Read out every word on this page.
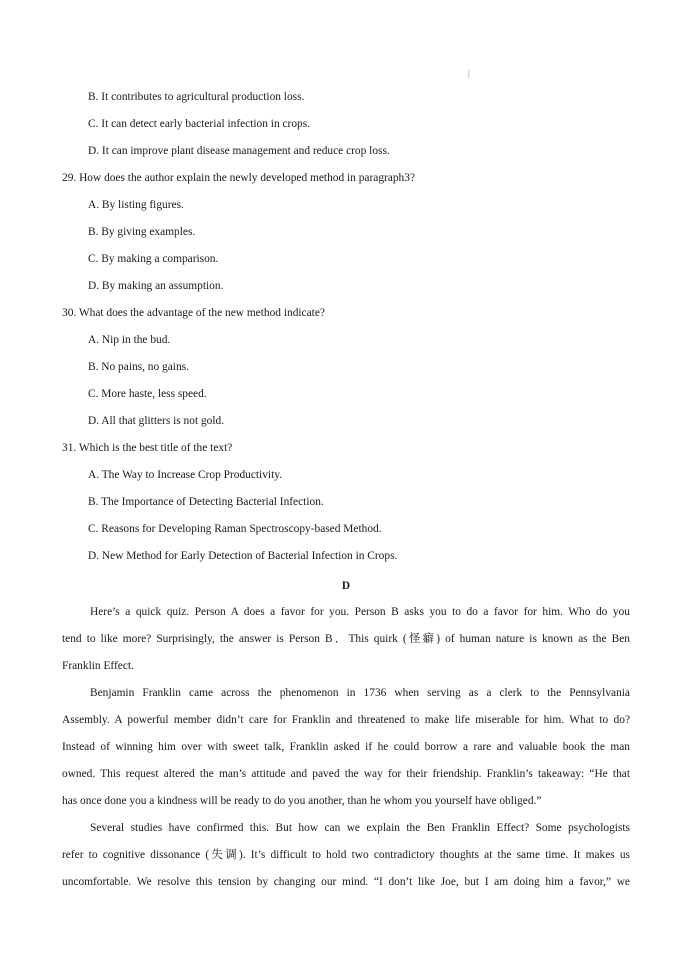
|
B. It contributes to agricultural production loss.
C. It can detect early bacterial infection in crops.
D. It can improve plant disease management and reduce crop loss.
29. How does the author explain the newly developed method in paragraph3?
A. By listing figures.
B. By giving examples.
C. By making a comparison.
D. By making an assumption.
30. What does the advantage of the new method indicate?
A. Nip in the bud.
B. No pains, no gains.
C. More haste, less speed.
D. All that glitters is not gold.
31. Which is the best title of the text?
A. The Way to Increase Crop Productivity.
B. The Importance of Detecting Bacterial Infection.
C. Reasons for Developing Raman Spectroscopy-based Method.
D. New Method for Early Detection of Bacterial Infection in Crops.
D
Here’s a quick quiz. Person A does a favor for you. Person B asks you to do a favor for him. Who do you
tend to like more? Surprisingly, the answer is Person B．This quirk (怪癖) of human nature is known as the Ben
Franklin Effect.
Benjamin Franklin came across the phenomenon in 1736 when serving as a clerk to the Pennsylvania
Assembly. A powerful member didn’t care for Franklin and threatened to make life miserable for him. What to do?
Instead of winning him over with sweet talk, Franklin asked if he could borrow a rare and valuable book the man
owned. This request altered the man’s attitude and paved the way for their friendship. Franklin’s takeaway: “He that
has once done you a kindness will be ready to do you another, than he whom you yourself have obliged.”
Several studies have confirmed this. But how can we explain the Ben Franklin Effect? Some psychologists
refer to cognitive dissonance (失调). It’s difficult to hold two contradictory thoughts at the same time. It makes us
uncomfortable. We resolve this tension by changing our mind. “I don’t like Joe, but I am doing him a favor,” we
